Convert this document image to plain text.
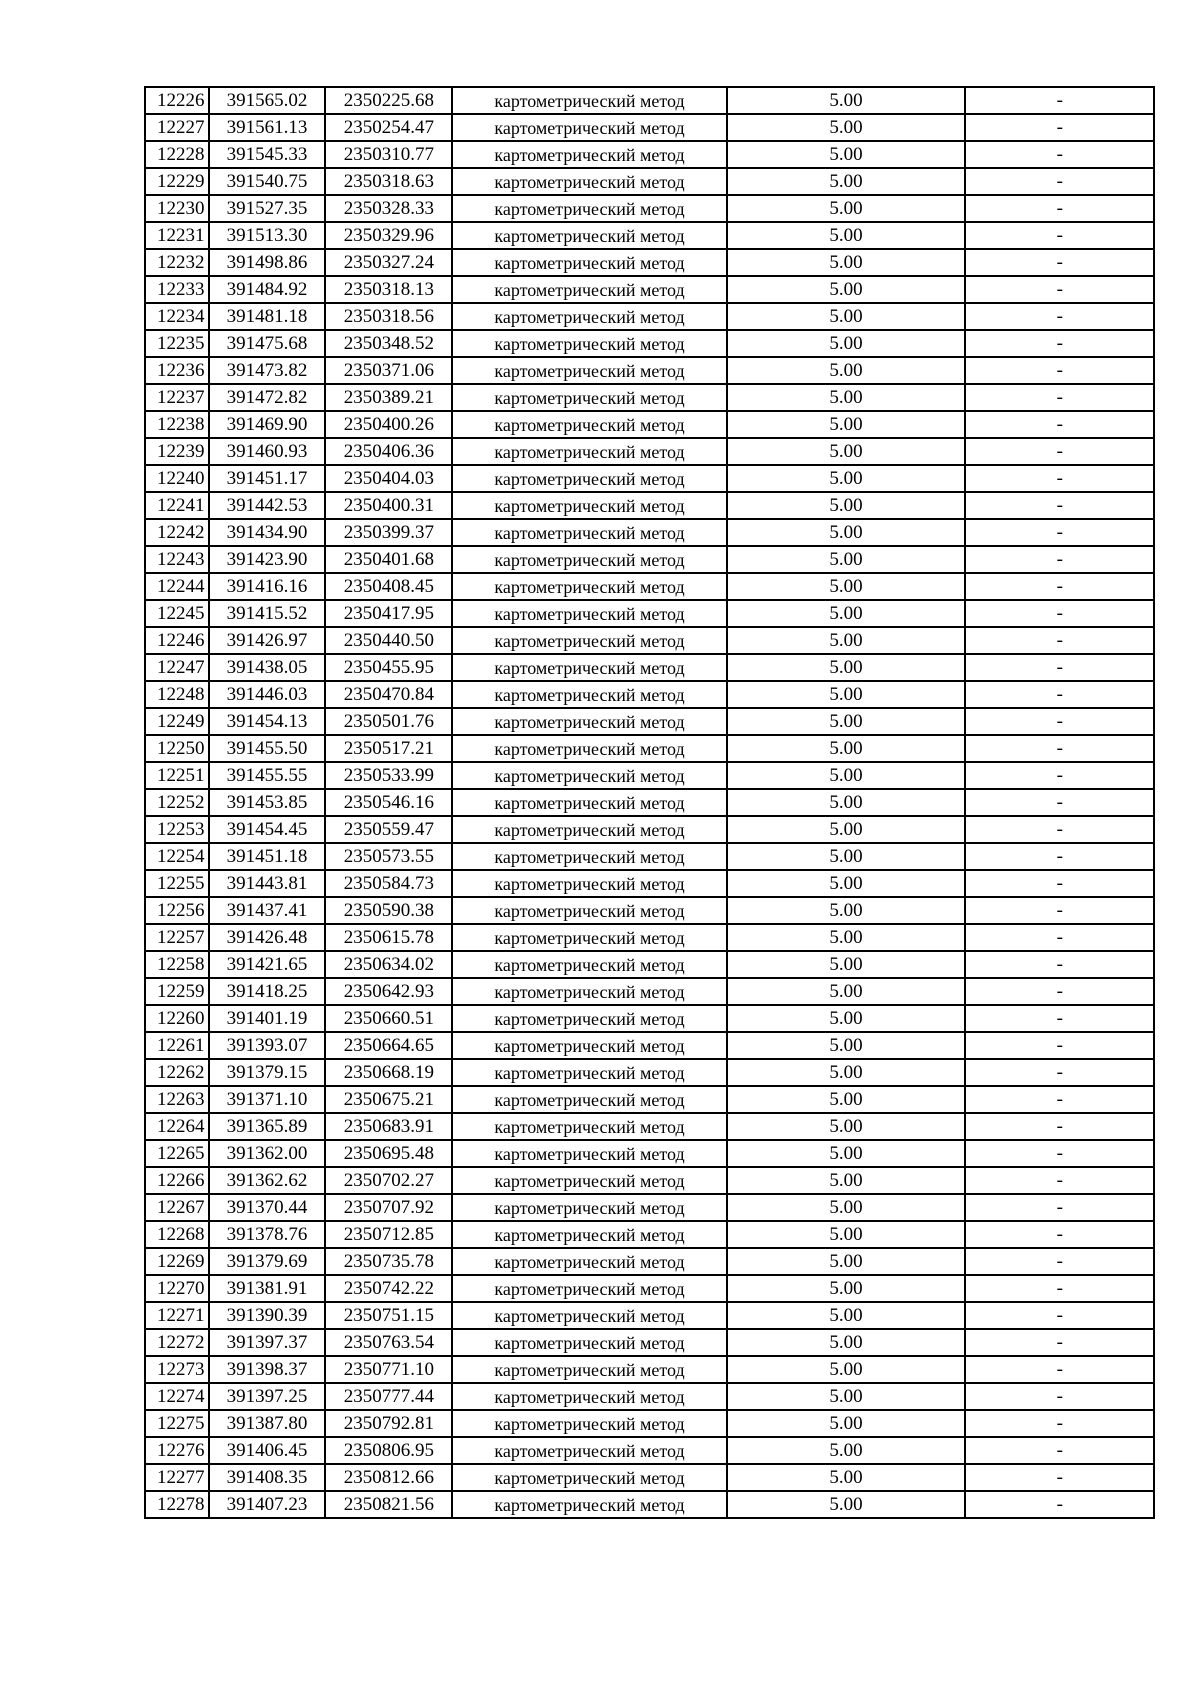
12226	391565.02	2350225.68	картометрический метод	5.00	-
12227	391561.13	2350254.47	картометрический метод	5.00	-
12228	391545.33	2350310.77	картометрический метод	5.00	-
12229	391540.75	2350318.63	картометрический метод	5.00	-
12230	391527.35	2350328.33	картометрический метод	5.00	-
12231	391513.30	2350329.96	картометрический метод	5.00	-
12232	391498.86	2350327.24	картометрический метод	5.00	-
12233	391484.92	2350318.13	картометрический метод	5.00	-
12234	391481.18	2350318.56	картометрический метод	5.00	-
12235	391475.68	2350348.52	картометрический метод	5.00	-
12236	391473.82	2350371.06	картометрический метод	5.00	-
12237	391472.82	2350389.21	картометрический метод	5.00	-
12238	391469.90	2350400.26	картометрический метод	5.00	-
12239	391460.93	2350406.36	картометрический метод	5.00	-
12240	391451.17	2350404.03	картометрический метод	5.00	-
12241	391442.53	2350400.31	картометрический метод	5.00	-
12242	391434.90	2350399.37	картометрический метод	5.00	-
12243	391423.90	2350401.68	картометрический метод	5.00	-
12244	391416.16	2350408.45	картометрический метод	5.00	-
12245	391415.52	2350417.95	картометрический метод	5.00	-
12246	391426.97	2350440.50	картометрический метод	5.00	-
12247	391438.05	2350455.95	картометрический метод	5.00	-
12248	391446.03	2350470.84	картометрический метод	5.00	-
12249	391454.13	2350501.76	картометрический метод	5.00	-
12250	391455.50	2350517.21	картометрический метод	5.00	-
12251	391455.55	2350533.99	картометрический метод	5.00	-
12252	391453.85	2350546.16	картометрический метод	5.00	-
12253	391454.45	2350559.47	картометрический метод	5.00	-
12254	391451.18	2350573.55	картометрический метод	5.00	-
12255	391443.81	2350584.73	картометрический метод	5.00	-
12256	391437.41	2350590.38	картометрический метод	5.00	-
12257	391426.48	2350615.78	картометрический метод	5.00	-
12258	391421.65	2350634.02	картометрический метод	5.00	-
12259	391418.25	2350642.93	картометрический метод	5.00	-
12260	391401.19	2350660.51	картометрический метод	5.00	-
12261	391393.07	2350664.65	картометрический метод	5.00	-
12262	391379.15	2350668.19	картометрический метод	5.00	-
12263	391371.10	2350675.21	картометрический метод	5.00	-
12264	391365.89	2350683.91	картометрический метод	5.00	-
12265	391362.00	2350695.48	картометрический метод	5.00	-
12266	391362.62	2350702.27	картометрический метод	5.00	-
12267	391370.44	2350707.92	картометрический метод	5.00	-
12268	391378.76	2350712.85	картометрический метод	5.00	-
12269	391379.69	2350735.78	картометрический метод	5.00	-
12270	391381.91	2350742.22	картометрический метод	5.00	-
12271	391390.39	2350751.15	картометрический метод	5.00	-
12272	391397.37	2350763.54	картометрический метод	5.00	-
12273	391398.37	2350771.10	картометрический метод	5.00	-
12274	391397.25	2350777.44	картометрический метод	5.00	-
12275	391387.80	2350792.81	картометрический метод	5.00	-
12276	391406.45	2350806.95	картометрический метод	5.00	-
12277	391408.35	2350812.66	картометрический метод	5.00	-
12278	391407.23	2350821.56	картометрический метод	5.00	-
